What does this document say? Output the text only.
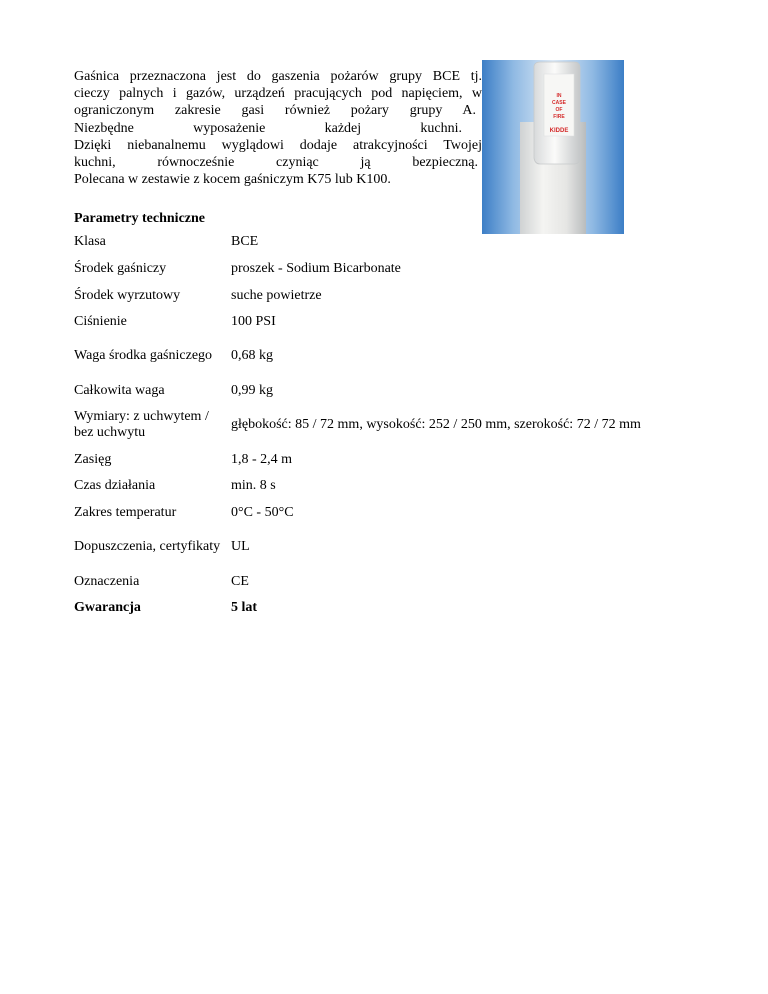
Gaśnica przeznaczona jest do gaszenia pożarów grupy BCE tj.
cieczy palnych i gazów, urządzeń pracujących pod napięciem, w
ograniczonym zakresie gasi również pożary grupy A.
Niezbędne wyposażenie każdej kuchni.
Dzięki niebanalnemu wyglądowi dodaje atrakcyjności Twojej
kuchni, równocześnie czyniąc ją bezpieczną.
Polecana w zestawie z kocem gaśniczym K75 lub K100.
IN
CASE
OF
FIRE
KIDDE
Parametry techniczne
Klasa	BCE
Środek gaśniczy	proszek - Sodium Bicarbonate
Środek wyrzutowy	suche powietrze
Ciśnienie	100 PSI
Waga środka gaśniczego	0,68 kg
Całkowita waga	0,99 kg
Wymiary: z uchwytem / bez uchwytu	głębokość: 85 / 72 mm, wysokość: 252 / 250 mm, szerokość: 72 / 72 mm
Zasięg	1,8 - 2,4 m
Czas działania	min. 8 s
Zakres temperatur	0°C - 50°C
Dopuszczenia, certyfikaty	UL
Oznaczenia	CE
Gwarancja	5 lat
